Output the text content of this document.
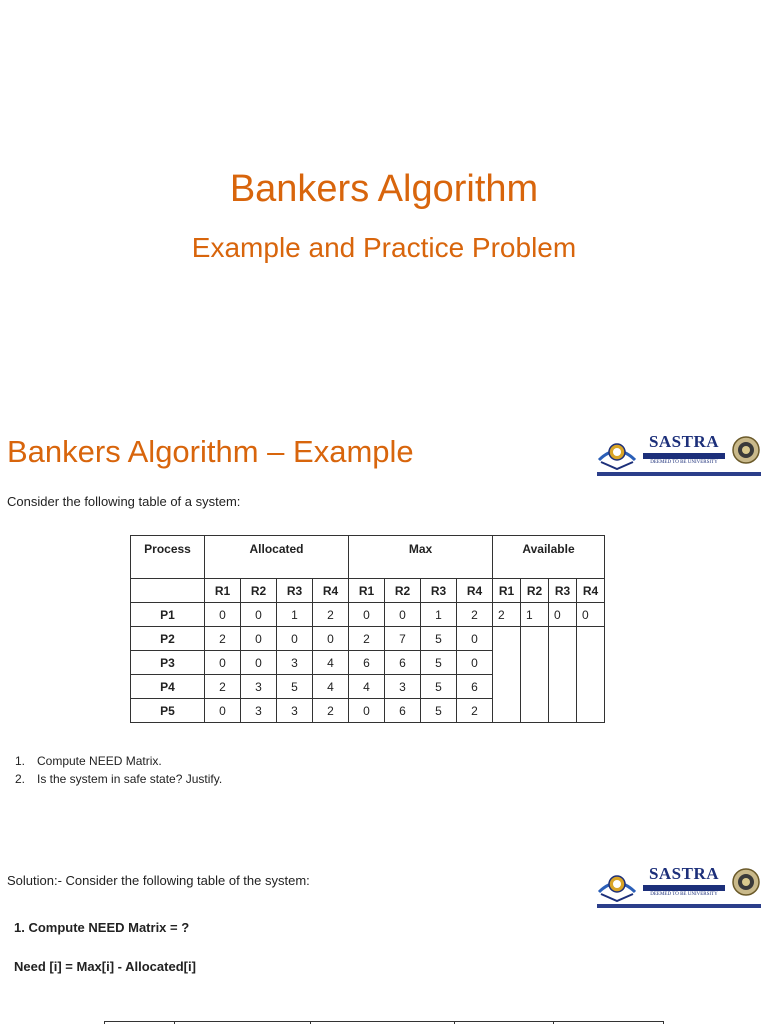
Bankers Algorithm
Example and Practice Problem
Bankers Algorithm – Example	SASTRA
DEEMED TO BE UNIVERSITY
Consider the following table of a system:
Process	Allocated				Max				Available			
	R1	R2	R3	R4	R1	R2	R3	R4	R1	R2	R3	R4
P1	0	0	1	2	0	0	1	2	2	1	0	0
P2	2	0	0	0	2	7	5	0				
P3	0	0	3	4	6	6	5	0				
P4	2	3	5	4	4	3	5	6				
P5	0	3	3	2	0	6	5	2				
1. Compute NEED Matrix.
2. Is the system in safe state? Justify.
Solution:- Consider the following table of the system:	SASTRA
DEEMED TO BE UNIVERSITY
1. Compute NEED Matrix = ?
Need [i] = Max[i] - Allocated[i]
